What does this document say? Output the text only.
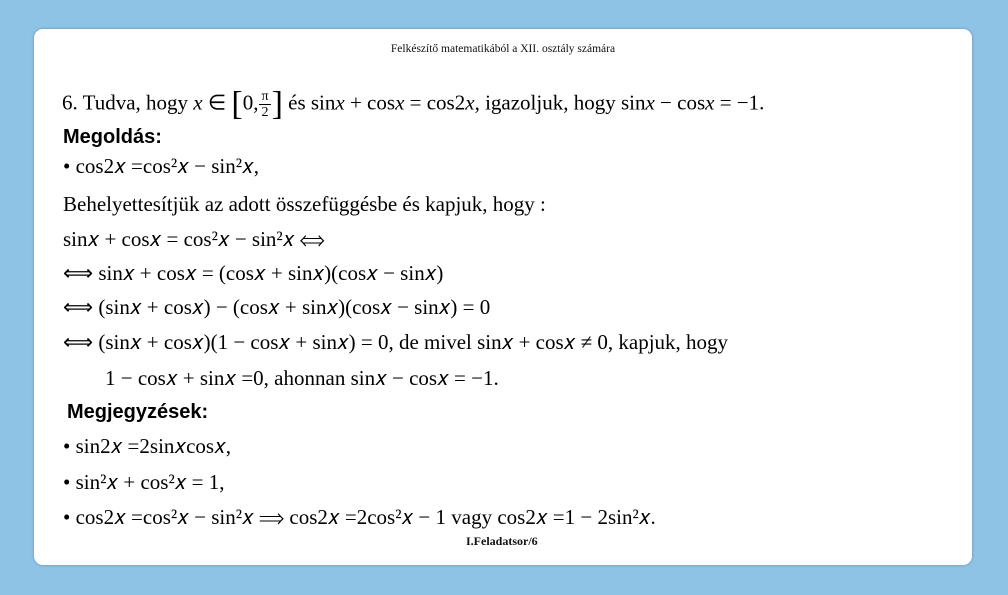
Felkészítő matematikából a XII. osztály számára
6. Tudva, hogy x ∈ [0, $\frac{\pi}{2}$ ] és sinx + cosx = cos2x, igazoljuk, hogy sinx − cosx = −1.
Megoldás:
• cos2𝑥 =cos²𝑥 − sin²𝑥,
Behelyettesítjük az adott összefüggésbe és kapjuk, hogy :
sin𝑥 + cos𝑥 = cos²𝑥 − sin²𝑥 ⟺
⟺ sin𝑥 + cos𝑥 = (cos𝑥 + sin𝑥)(cos𝑥 − sin𝑥)
⟺ (sin𝑥 + cos𝑥) − (cos𝑥 + sin𝑥)(cos𝑥 − sin𝑥) = 0
⟺ (sin𝑥 + cos𝑥)(1 − cos𝑥 + sin𝑥) = 0, de mivel sin𝑥 + cos𝑥 ≠ 0, kapjuk, hogy
1 − cos𝑥 + sin𝑥 =0, ahonnan sin𝑥 − cos𝑥 = −1.
Megjegyzések:
• sin2𝑥 =2sin𝑥cos𝑥,
• sin²𝑥 + cos²𝑥 = 1,
• cos2𝑥 =cos²𝑥 − sin²𝑥 ⟹ cos2𝑥 =2cos²𝑥 − 1 vagy cos2𝑥 =1 − 2sin²𝑥.
I.Feladatsor/6
